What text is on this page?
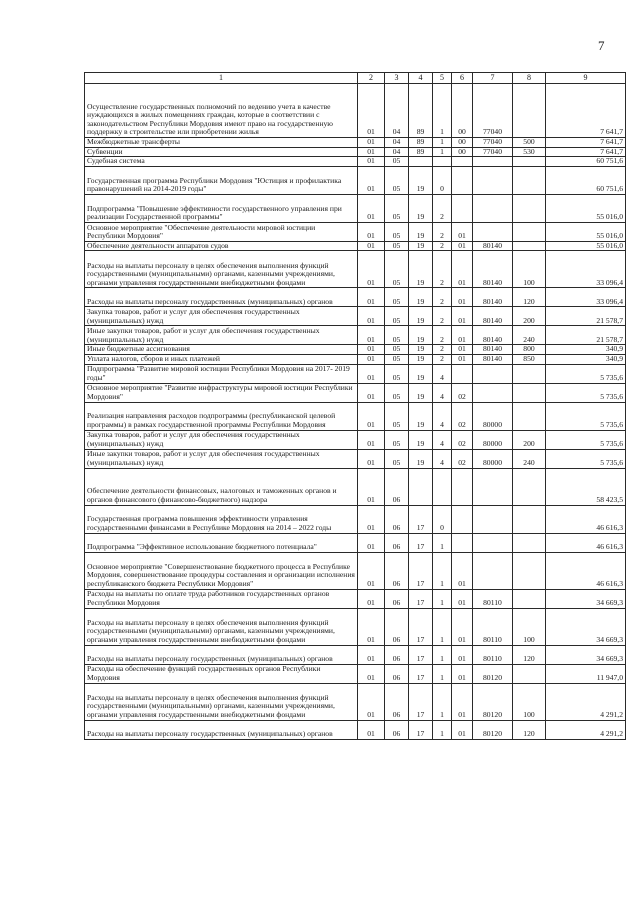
7
1	2	3	4	5	6	7	8	9
Осуществление государственных полномочий по ведению учета в качестве нуждающихся в жилых помещениях граждан, которые в соответствии с законодательством Республики Мордовия имеют право на государственную поддержку в строительстве или приобретении жилья	01	04	89	1	00	77040		7 641,7
Межбюджетные трансферты	01	04	89	1	00	77040	500	7 641,7
Субвенции	01	04	89	1	00	77040	530	7 641,7
Судебная система	01	05						60 751,6
Государственная программа Республики Мордовия "Юстиция и профилактика правонарушений на 2014-2019 годы"	01	05	19	0				60 751,6
Подпрограмма "Повышение эффективности государственного управления при реализации Государственной программы"	01	05	19	2				55 016,0
Основное мероприятие "Обеспечение деятельности мировой юстиции Республики Мордовия"	01	05	19	2	01			55 016,0
Обеспечение деятельности аппаратов судов	01	05	19	2	01	80140		55 016,0
Расходы на выплаты персоналу в целях обеспечения выполнения функций государственными (муниципальными) органами, казенными учреждениями, органами управления государственными внебюджетными фондами	01	05	19	2	01	80140	100	33 096,4
Расходы на выплаты персоналу государственных (муниципальных) органов	01	05	19	2	01	80140	120	33 096,4
Закупка товаров, работ и услуг для обеспечения государственных (муниципальных) нужд	01	05	19	2	01	80140	200	21 578,7
Иные закупки товаров, работ и услуг для обеспечения государственных (муниципальных) нужд	01	05	19	2	01	80140	240	21 578,7
Иные бюджетные ассигнования	01	05	19	2	01	80140	800	340,9
Уплата налогов, сборов и иных платежей	01	05	19	2	01	80140	850	340,9
Подпрограмма "Развитие мировой юстиции Республики Мордовия на 2017- 2019 годы"	01	05	19	4				5 735,6
Основное мероприятие "Развитие инфраструктуры мировой юстиции Республики Мордовия"	01	05	19	4	02			5 735,6
Реализация направления расходов подпрограммы (республиканской целевой программы) в рамках государственной программы Республики Мордовия	01	05	19	4	02	80000		5 735,6
Закупка товаров, работ и услуг для обеспечения государственных (муниципальных) нужд	01	05	19	4	02	80000	200	5 735,6
Иные закупки товаров, работ и услуг для обеспечения государственных (муниципальных) нужд	01	05	19	4	02	80000	240	5 735,6
Обеспечение деятельности финансовых, налоговых и таможенных органов и органов финансового (финансово-бюджетного) надзора	01	06						58 423,5
Государственная программа повышения эффективности управления государственными финансами в Республике Мордовия на 2014 – 2022 годы	01	06	17	0				46 616,3
Подпрограмма "Эффективное использование бюджетного потенциала"	01	06	17	1				46 616,3
Основное мероприятие "Совершенствование бюджетного процесса в Республике Мордовия, совершенствование процедуры составления и организации исполнения республиканского бюджета Республики Мордовия"	01	06	17	1	01			46 616,3
Расходы на выплаты по оплате труда работников государственных органов Республики Мордовия	01	06	17	1	01	80110		34 669,3
Расходы на выплаты персоналу в целях обеспечения выполнения функций государственными (муниципальными) органами, казенными учреждениями, органами управления государственными внебюджетными фондами	01	06	17	1	01	80110	100	34 669,3
Расходы на выплаты персоналу государственных (муниципальных) органов	01	06	17	1	01	80110	120	34 669,3
Расходы на обеспечение функций государственных органов Республики Мордовия	01	06	17	1	01	80120		11 947,0
Расходы на выплаты персоналу в целях обеспечения выполнения функций государственными (муниципальными) органами, казенными учреждениями, органами управления государственными внебюджетными фондами	01	06	17	1	01	80120	100	4 291,2
Расходы на выплаты персоналу государственных (муниципальных) органов	01	06	17	1	01	80120	120	4 291,2
